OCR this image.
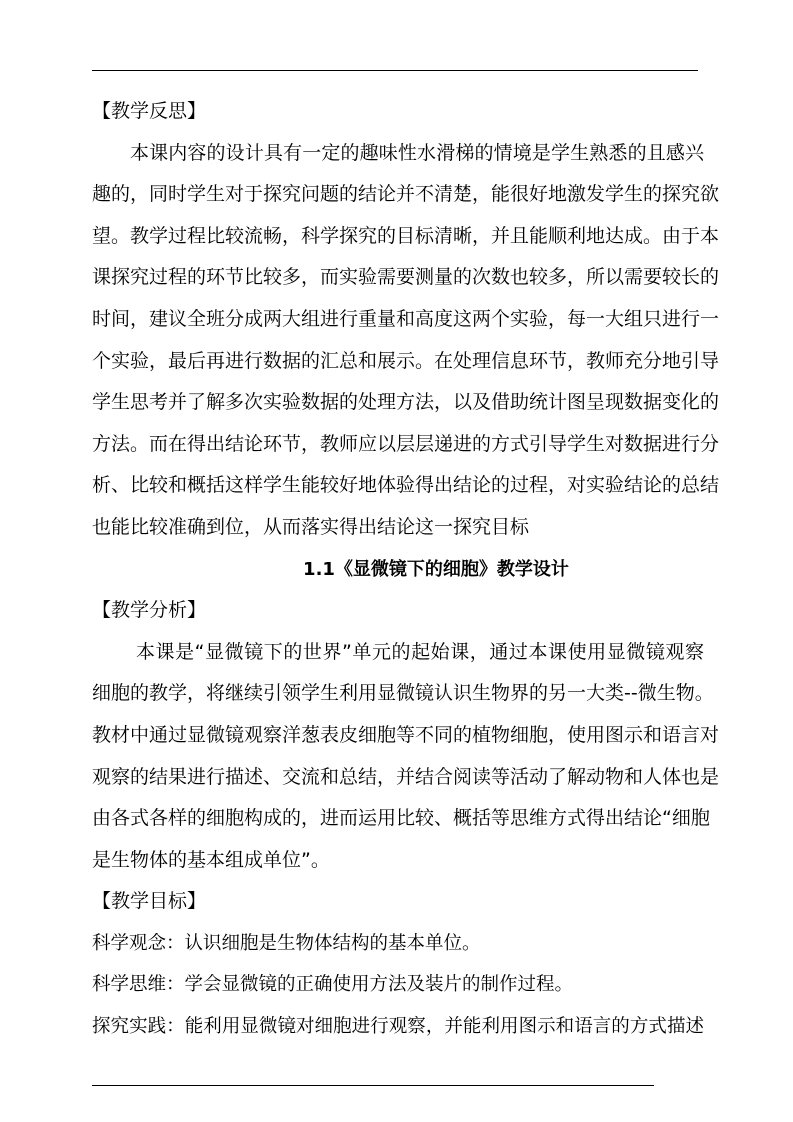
【教学反思】
本课内容的设计具有一定的趣味性水滑梯的情境是学生熟悉的且感兴
趣的，同时学生对于探究问题的结论并不清楚，能很好地激发学生的探究欲
望。教学过程比较流畅，科学探究的目标清晰，并且能顺利地达成。由于本
课探究过程的环节比较多，而实验需要测量的次数也较多，所以需要较长的
时间，建议全班分成两大组进行重量和高度这两个实验，每一大组只进行一
个实验，最后再进行数据的汇总和展示。在处理信息环节，教师充分地引导
学生思考并了解多次实验数据的处理方法，以及借助统计图呈现数据变化的
方法。而在得出结论环节，教师应以层层递进的方式引导学生对数据进行分
析、比较和概括这样学生能较好地体验得出结论的过程，对实验结论的总结
也能比较准确到位，从而落实得出结论这一探究目标
1.1《显微镜下的细胞》教学设计
【教学分析】
本课是“显微镜下的世界”单元的起始课，通过本课使用显微镜观察
细胞的教学，将继续引领学生利用显微镜认识生物界的另一大类--微生物。
教材中通过显微镜观察洋葱表皮细胞等不同的植物细胞，使用图示和语言对
观察的结果进行描述、交流和总结，并结合阅读等活动了解动物和人体也是
由各式各样的细胞构成的，进而运用比较、概括等思维方式得出结论“细胞
是生物体的基本组成单位”。
【教学目标】
科学观念：认识细胞是生物体结构的基本单位。
科学思维：学会显微镜的正确使用方法及装片的制作过程。
探究实践：能利用显微镜对细胞进行观察，并能利用图示和语言的方式描述
